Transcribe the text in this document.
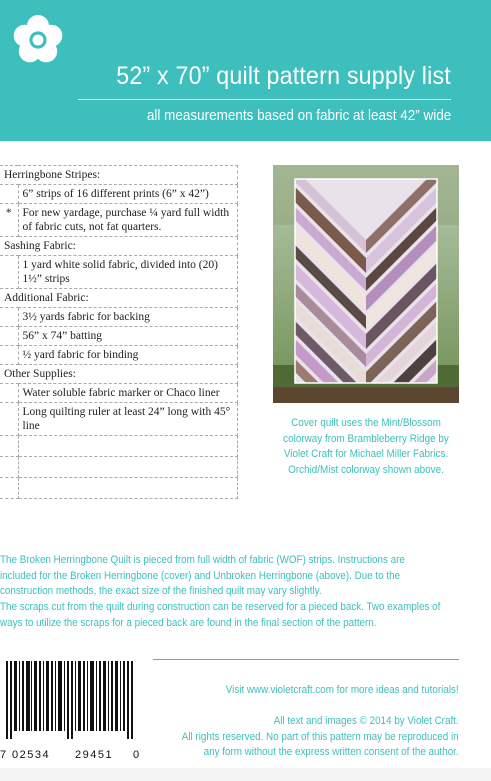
52” x 70” quilt pattern supply list
all measurements based on fabric at least 42” wide
Herringbone Stripes:	
	6” strips of 16 different prints (6” x 42”)
*	For new yardage, purchase ¼ yard full width of fabric cuts, not fat quarters.
Sashing Fabric:	
	1 yard white solid fabric, divided into (20) 1½” strips
Additional Fabric:	
	3½ yards fabric for backing
	56” x 74” batting
	½ yard fabric for binding
Other Supplies:	
	Water soluble fabric marker or Chaco liner
	Long quilting ruler at least 24” long with 45° line

		Cover quilt uses the Mint/Blossom colorway from Brambleberry Ridge by Violet Craft for Michael Miller Fabrics. Orchid/Mist colorway shown above.
The Broken Herringbone Quilt is pieced from full width of fabric (WOF) strips. Instructions are
included for the Broken Herringbone (cover) and Unbroken Herringbone (above). Due to the
construction methods, the exact size of the finished quilt may vary slightly.
The scraps cut from the quilt during construction can be reserved for a pieced back. Two examples of
ways to utilize the scraps for a pieced back are found in the final section of the pattern.
7 02534 29451 0
Visit www.violetcraft.com for more ideas and tutorials!
All text and images © 2014 by Violet Craft.
All rights reserved. No part of this pattern may be reproduced in
any form without the express written consent of the author.
